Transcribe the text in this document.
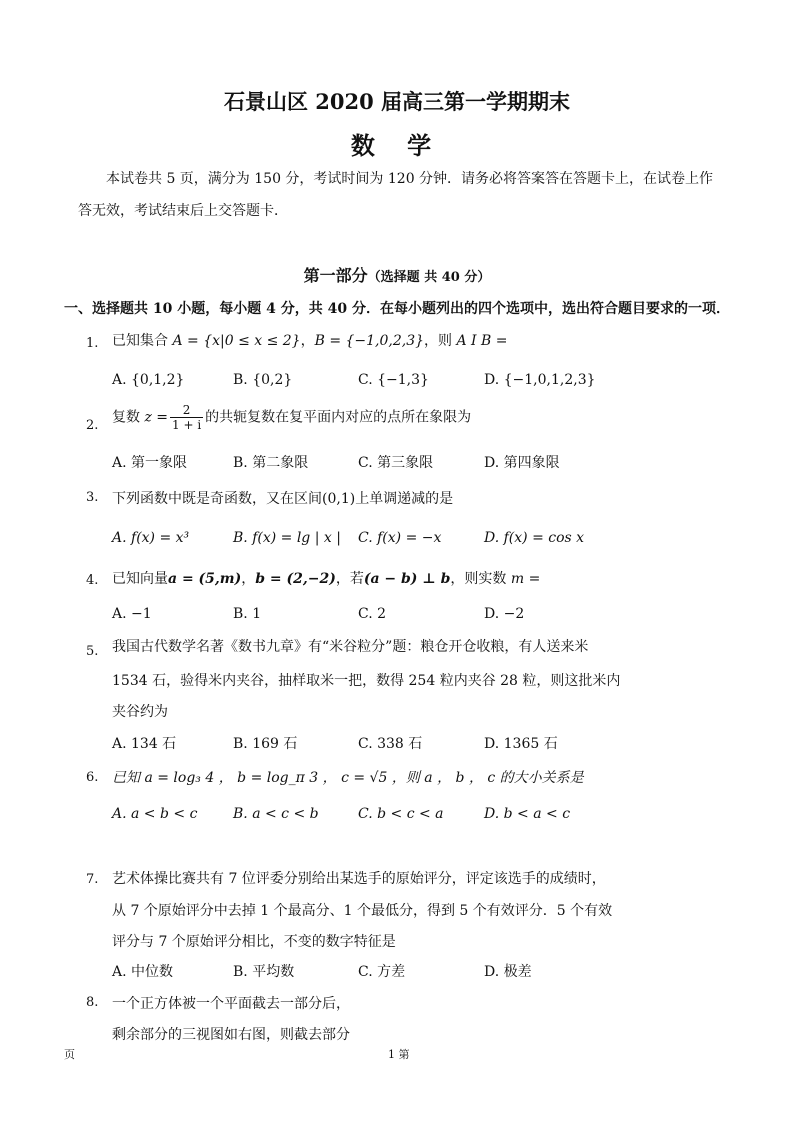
石景山区 2020 届高三第一学期期末
数 学
本试卷共 5 页，满分为 150 分，考试时间为 120 分钟．请务必将答案答在答题卡上，在试卷上作答无效，考试结束后上交答题卡．
第一部分（选择题 共 40 分）
一、选择题共 10 小题，每小题 4 分，共 40 分．在每小题列出的四个选项中，选出符合题目要求的一项．
1. 已知集合 A = {x|0 ≤ x ≤ 2}，B = {−1,0,2,3}，则 A I B =
A. {0,1,2}	B. {0,2}	C. {−1,3}	D. {−1,0,1,2,3}
2. 复数 $z = \frac{2}{1 + i}$ 的共轭复数在复平面内对应的点所在象限为
A. 第一象限	B. 第二象限	C. 第三象限	D. 第四象限
3. 下列函数中既是奇函数，又在区间(0,1)上单调递减的是
A. f(x) = x³	B. f(x) = lg | x | C. f(x) = −x	D. f(x) = cos x
4. 已知向量a = (5,m)，b = (2,−2)，若(a − b) ⊥ b，则实数 m =
A. −1	B. 1	C. 2	D. −2
5. 我国古代数学名著《数书九章》有“米谷粒分”题：粮仓开仓收粮，有人送来米
1534 石，验得米内夹谷，抽样取米一把，数得 254 粒内夹谷 28 粒，则这批米内
夹谷约为
A. 134 石	B. 169 石	C. 338 石	D. 1365 石
6. 已知 a = log₃ 4 ， b = log_π 3 ， c = √5 ，则 a ， b ， c 的大小关系是
A. a < b < c	B. a < c < b	C. b < c < a	D. b < a < c
7. 艺术体操比赛共有 7 位评委分别给出某选手的原始评分，评定该选手的成绩时，
从 7 个原始评分中去掉 1 个最高分、1 个最低分，得到 5 个有效评分．5 个有效
评分与 7 个原始评分相比，不变的数字特征是
A. 中位数	B. 平均数	C. 方差	D. 极差
8. 一个正方体被一个平面截去一部分后，
剩余部分的三视图如右图，则截去部分
页	1 第
